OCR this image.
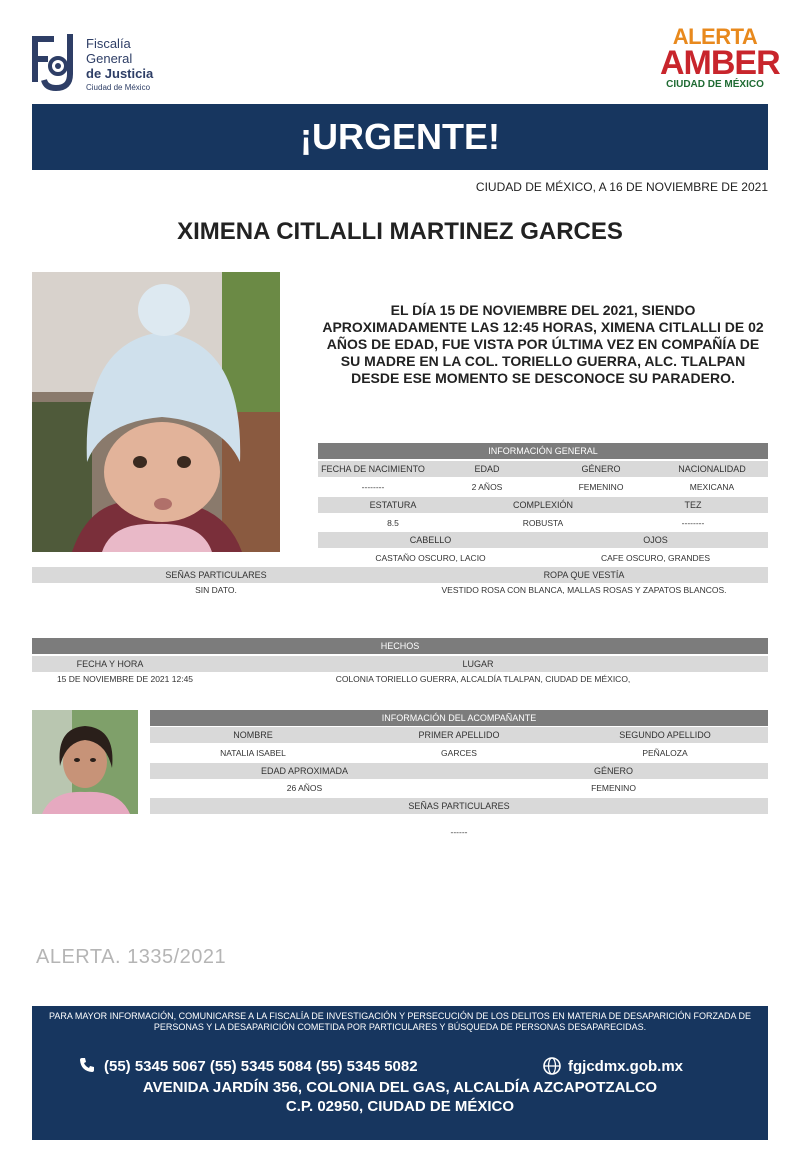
Fiscalía
General
de Justicia
Ciudad de México
ALERTA
AMBER
CIUDAD DE MÉXICO
¡URGENTE!
CIUDAD DE MÉXICO, A 16 DE NOVIEMBRE DE 2021
XIMENA CITLALLI MARTINEZ GARCES
EL DÍA 15 DE NOVIEMBRE DEL 2021, SIENDO APROXIMADAMENTE LAS 12:45 HORAS, XIMENA CITLALLI DE 02 AÑOS DE EDAD, FUE VISTA POR ÚLTIMA VEZ EN COMPAÑÍA DE SU MADRE EN LA COL. TORIELLO GUERRA, ALC. TLALPAN DESDE ESE MOMENTO SE DESCONOCE SU PARADERO.
INFORMACIÓN GENERAL
FECHA DE NACIMIENTO	EDAD	GÉNERO	NACIONALIDAD
--------	2 AÑOS	FEMENINO	MEXICANA
ESTATURA	COMPLEXIÓN	TEZ
8.5	ROBUSTA	--------
CABELLO	OJOS
CASTAÑO OSCURO, LACIO	CAFE OSCURO, GRANDES
SEÑAS PARTICULARES	ROPA QUE VESTÍA
SIN DATO.	VESTIDO ROSA CON BLANCA, MALLAS ROSAS Y ZAPATOS BLANCOS.
HECHOS
FECHA Y HORA	LUGAR
15 DE NOVIEMBRE DE 2021 12:45	COLONIA TORIELLO GUERRA, ALCALDÍA TLALPAN, CIUDAD DE MÉXICO,
INFORMACIÓN DEL ACOMPAÑANTE
NOMBRE	PRIMER APELLIDO	SEGUNDO APELLIDO
NATALIA ISABEL	GARCES	PEÑALOZA
EDAD APROXIMADA	GÉNERO
26 AÑOS	FEMENINO
SEÑAS PARTICULARES
------
ALERTA. 1335/2021
PARA MAYOR INFORMACIÓN, COMUNICARSE A LA FISCALÍA DE INVESTIGACIÓN Y PERSECUCIÓN DE LOS DELITOS EN MATERIA DE DESAPARICIÓN FORZADA DE PERSONAS Y LA DESAPARICIÓN COMETIDA POR PARTICULARES Y BÚSQUEDA DE PERSONAS DESAPARECIDAS.
(55) 5345 5067 (55) 5345 5084 (55) 5345 5082	fgjcdmx.gob.mx
AVENIDA JARDÍN 356, COLONIA DEL GAS, ALCALDÍA AZCAPOTZALCO
C.P. 02950, CIUDAD DE MÉXICO
